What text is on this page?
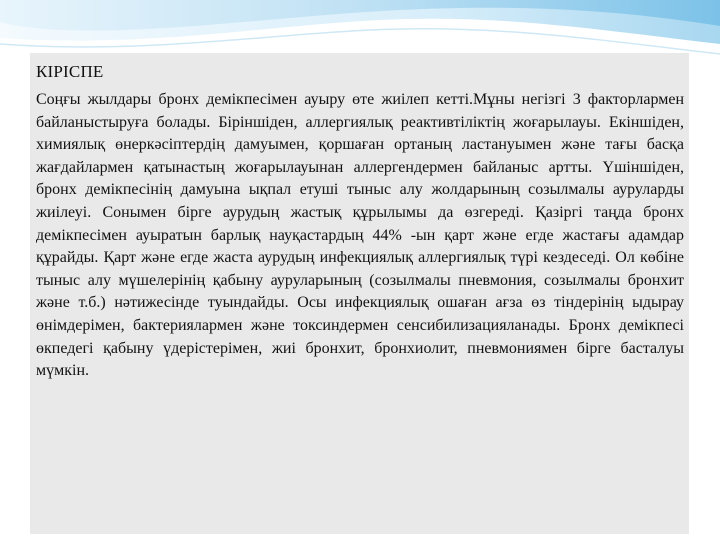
КІРІСПЕ

Соңғы жылдары бронх демікпесімен ауыру өте жиілеп кетті.Мұны негізгі 3 факторлармен байланыстыруға болады. Біріншіден, аллергиялық реактивтіліктің жоғарылауы. Екіншіден, химиялық өнеркәсіптердің дамуымен, қоршаған ортаның ластануымен және тағы басқа жағдайлармен қатынастың жоғарылауынан аллергендермен байланыс артты. Үшіншіден, бронх демікпесінің дамуына ықпал етуші тыныс алу жолдарының созылмалы ауруларды жиілеуі. Сонымен бірге аурудың жастық құрылымы да өзгереді. Қазіргі таңда бронх демікпесімен ауыратын барлық науқастардың 44% -ын қарт және егде жастағы адамдар құрайды. Қарт және егде жаста аурудың инфекциялық аллергиялық түрі кездеседі. Ол көбіне тыныс алу мүшелерінің қабыну ауруларының (созылмалы пневмония, созылмалы бронхит және т.б.) нәтижесінде туындайды. Осы инфекциялық ошаған ағза өз тіндерінің ыдырау өнімдерімен, бактериялармен және токсиндермен сенсибилизацияланады. Бронх демікпесі өкпедегі қабыну үдерістерімен, жиі бронхит, бронхиолит, пневмониямен бірге басталуы мүмкін.
